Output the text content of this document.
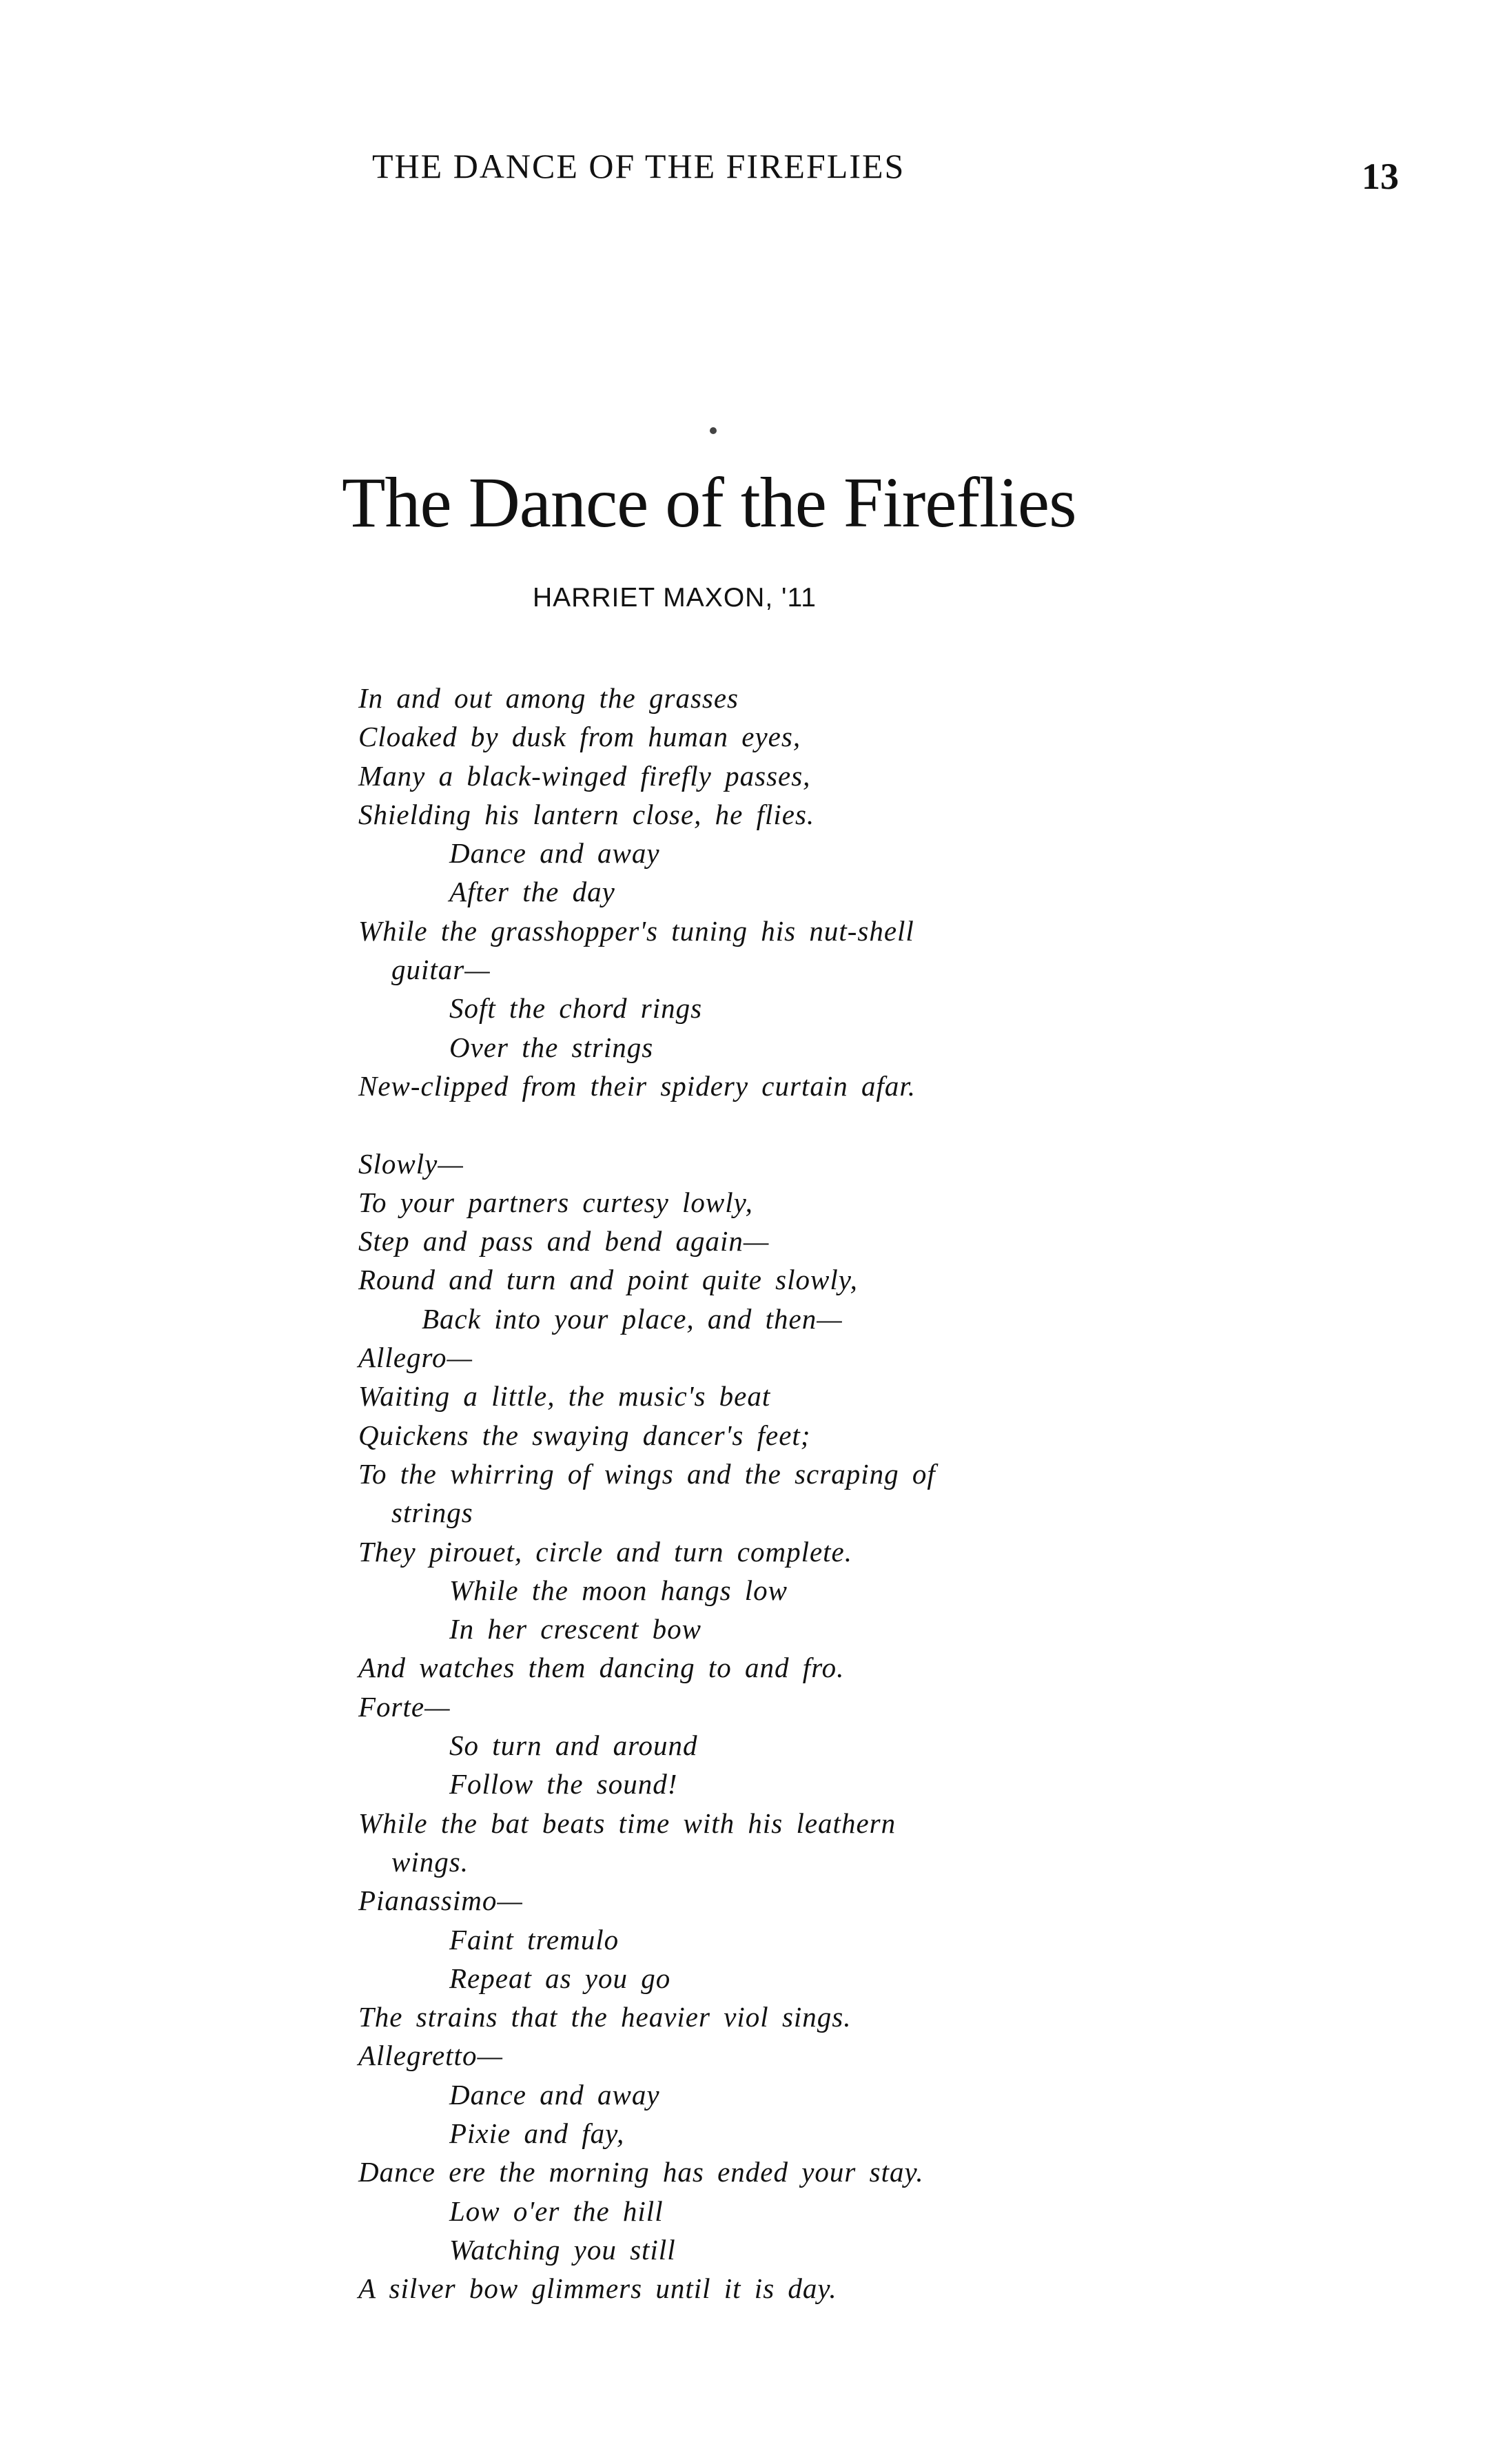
THE DANCE OF THE FIREFLIES	13
The Dance of the Fireflies
HARRIET MAXON, '11
In and out among the grasses
Cloaked by dusk from human eyes,
Many a black-winged firefly passes,
Shielding his lantern close, he flies.
Dance and away
After the day
While the grasshopper's tuning his nut-shell
guitar—
Soft the chord rings
Over the strings
New-clipped from their spidery curtain afar.
Slowly—
To your partners curtesy lowly,
Step and pass and bend again—
Round and turn and point quite slowly,
Back into your place, and then—
Allegro—
Waiting a little, the music's beat
Quickens the swaying dancer's feet;
To the whirring of wings and the scraping of
strings
They pirouet, circle and turn complete.
While the moon hangs low
In her crescent bow
And watches them dancing to and fro.
Forte—
So turn and around
Follow the sound!
While the bat beats time with his leathern
wings.
Pianassimo—
Faint tremulo
Repeat as you go
The strains that the heavier viol sings.
Allegretto—
Dance and away
Pixie and fay,
Dance ere the morning has ended your stay.
Low o'er the hill
Watching you still
A silver bow glimmers until it is day.
